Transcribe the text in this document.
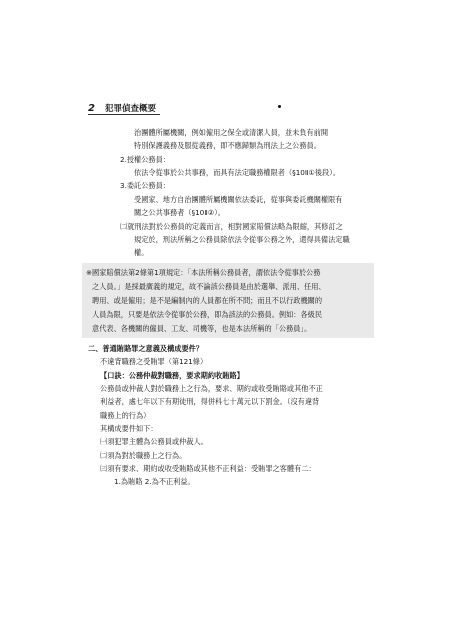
2 犯罪偵查概要
治團體所屬機關，例如僱用之保全或清潔人員，並未負有前開
特別保護義務及服從義務，即不應歸類為刑法上之公務員。
2.授權公務員：
依法令從事於公共事務，而具有法定職務權限者（§10Ⅱ①後段）。
3.委託公務員：
受國家、地方自治團體所屬機關依法委託，從事與委託機關權限有
關之公共事務者（§10Ⅱ②）。
㈡就刑法對於公務員的定義而言，相對國家賠償法略為限縮，其修訂之
規定於，刑法所稱之公務員除依法令從事公務之外，還得具備法定職
權。
※國家賠償法第2條第1項規定：「本法所稱公務員者，謂依法令從事於公務
之人員。」是採最廣義的規定，故不論該公務員是由於選舉、派用、任用、
聘用、或是僱用；是不是編制內的人員都在所不問；而且不以行政機關的
人員為限，只要是依法令從事於公務，即為該法的公務員。例如：各級民
意代表、各機關的僱員、工友、司機等，也是本法所稱的「公務員」。
二、普通賄賂罪之意義及構成要件？
不違背職務之受賄罪（第121條）
【口訣：公務仲裁對職務，要求期約收賄賂】
公務員或仲裁人對於職務上之行為，要求、期約或收受賄賂或其他不正
利益者，處七年以下有期徒刑，得併科七十萬元以下罰金。（沒有違背
職務上的行為）
其構成要件如下：
㈠須犯罪主體為公務員或仲裁人。
㈡須為對於職務上之行為。
㈢須有要求、期約或收受賄賂或其他不正利益：受賄罪之客體有二：
1.為賄賂 2.為不正利益。
